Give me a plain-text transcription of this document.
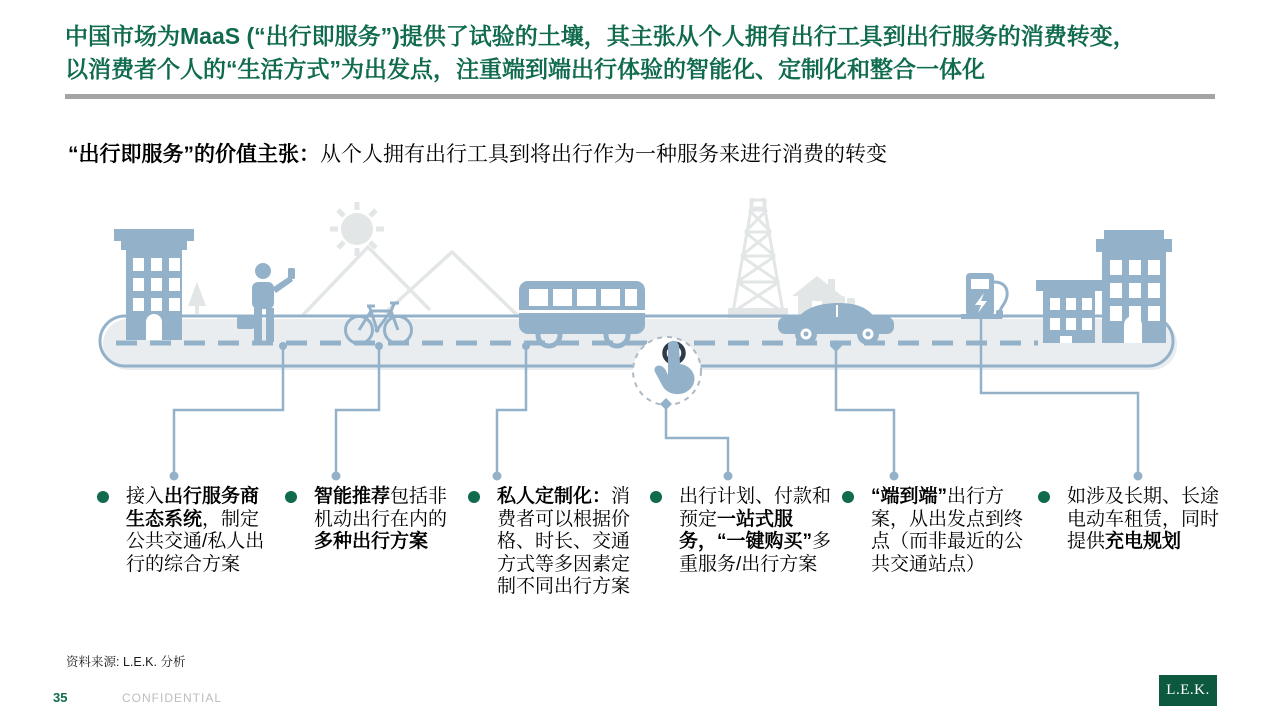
中国市场为MaaS (“出行即服务”)提供了试验的土壤，其主张从个人拥有出行工具到出行服务的消费转变，以消费者个人的“生活方式”为出发点，注重端到端出行体验的智能化、定制化和整合一体化
“出行即服务”的价值主张：从个人拥有出行工具到将出行作为一种服务来进行消费的转变
接入出行服务商生态系统，制定公共交通/私人出行的综合方案
智能推荐包括非机动出行在内的多种出行方案
私人定制化：消费者可以根据价格、时长、交通方式等多因素定制不同出行方案
出行计划、付款和预定一站式服务，“一键购买”多重服务/出行方案
“端到端”出行方案，从出发点到终点（而非最近的公共交通站点）
如涉及长期、长途电动车租赁，同时提供充电规划
资料来源: L.E.K. 分析
35	CONFIDENTIAL	L.E.K.
